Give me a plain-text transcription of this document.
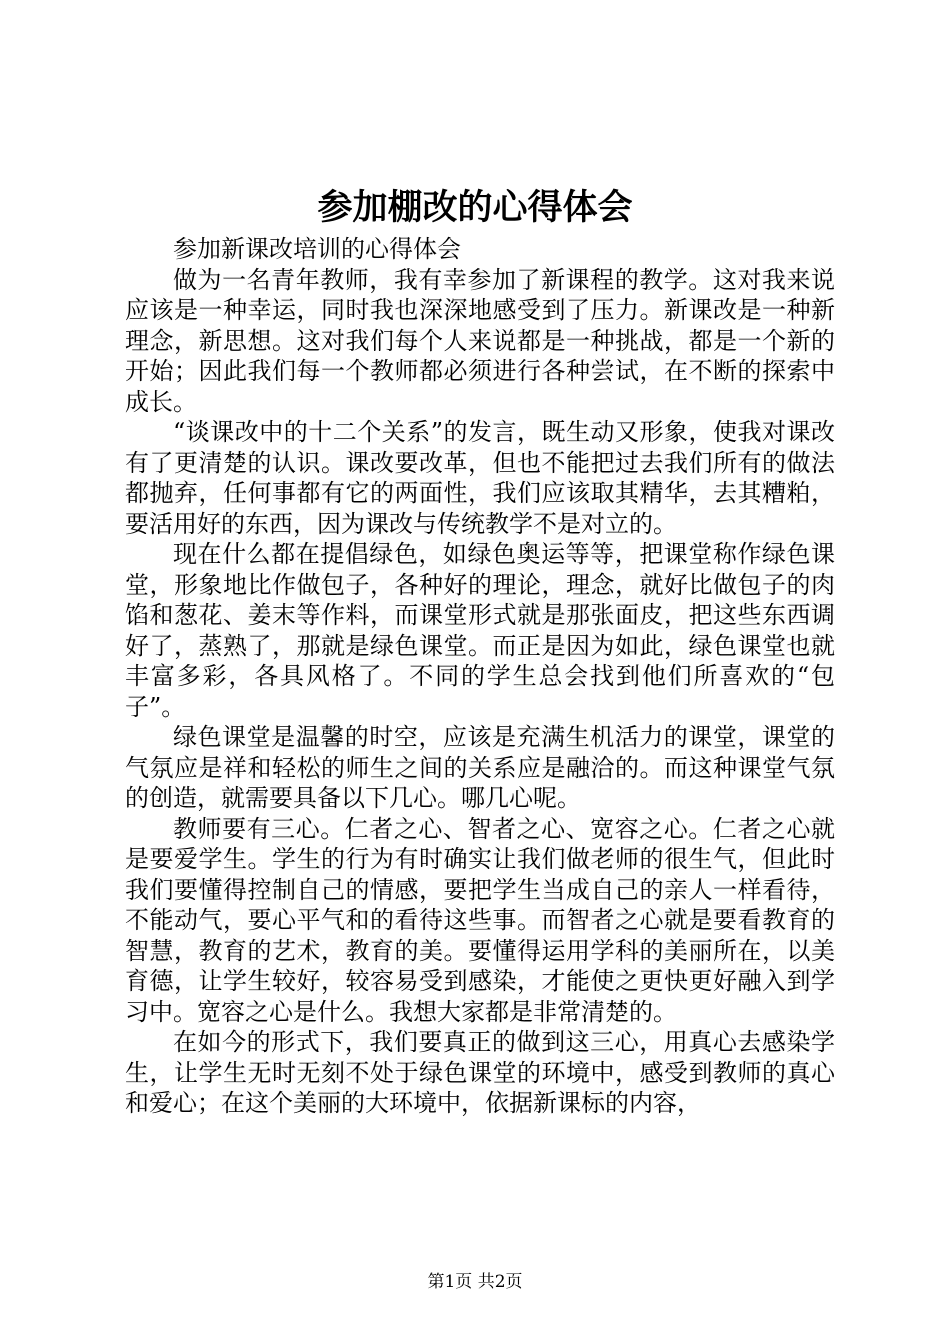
参加棚改的心得体会
参加新课改培训的心得体会

做为一名青年教师，我有幸参加了新课程的教学。这对我来说应该是一种幸运，同时我也深深地感受到了压力。新课改是一种新理念，新思想。这对我们每个人来说都是一种挑战，都是一个新的开始；因此我们每一个教师都必须进行各种尝试，在不断的探索中成长。

“谈课改中的十二个关系”的发言，既生动又形象，使我对课改有了更清楚的认识。课改要改革，但也不能把过去我们所有的做法都抛弃，任何事都有它的两面性，我们应该取其精华，去其糟粕，要活用好的东西，因为课改与传统教学不是对立的。

现在什么都在提倡绿色，如绿色奥运等等，把课堂称作绿色课堂，形象地比作做包子，各种好的理论，理念，就好比做包子的肉馅和葱花、姜末等作料，而课堂形式就是那张面皮，把这些东西调好了，蒸熟了，那就是绿色课堂。而正是因为如此，绿色课堂也就丰富多彩，各具风格了。不同的学生总会找到他们所喜欢的“包子”。

绿色课堂是温馨的时空，应该是充满生机活力的课堂，课堂的气氛应是祥和轻松的师生之间的关系应是融洽的。而这种课堂气氛的创造，就需要具备以下几心。哪几心呢。

教师要有三心。仁者之心、智者之心、宽容之心。仁者之心就是要爱学生。学生的行为有时确实让我们做老师的很生气，但此时我们要懂得控制自己的情感，要把学生当成自己的亲人一样看待，不能动气，要心平气和的看待这些事。而智者之心就是要看教育的智慧，教育的艺术，教育的美。要懂得运用学科的美丽所在，以美育德，让学生较好，较容易受到感染，才能使之更快更好融入到学习中。宽容之心是什么。我想大家都是非常清楚的。

在如今的形式下，我们要真正的做到这三心，用真心去感染学生，让学生无时无刻不处于绿色课堂的环境中，感受到教师的真心和爱心；在这个美丽的大环境中，依据新课标的内容，

第1页 共2页
